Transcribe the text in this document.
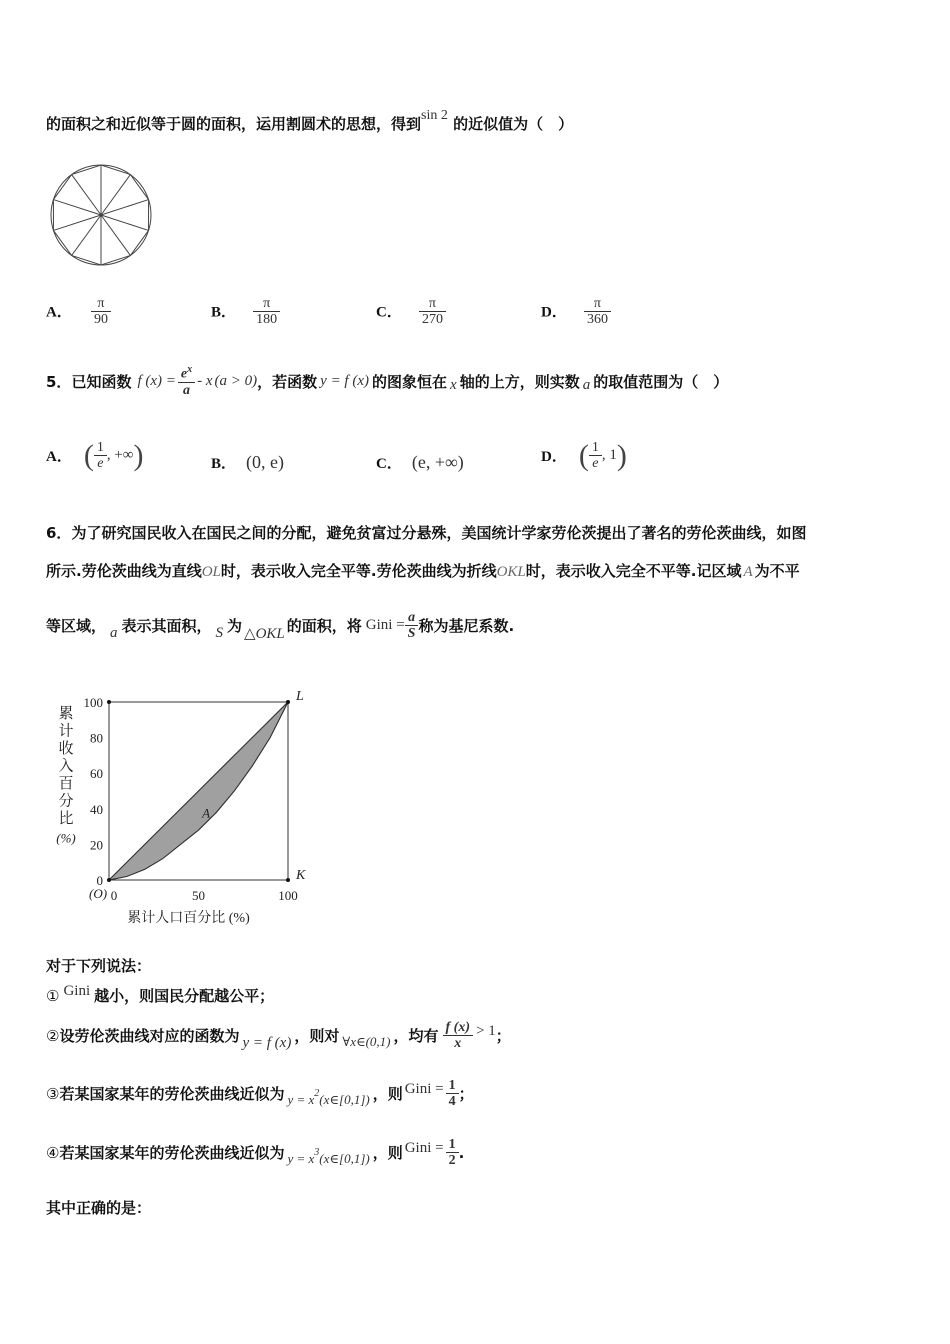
的面积之和近似等于圆的面积，运用割圆术的思想，得到sin 2 的近似值为（　）
A． $\frac{\pi}{90}$	B． $\frac{\pi}{180}$	C． $\frac{\pi}{270}$	D． $\frac{\pi}{360}$
5． 已知函数 f $(x) = \frac{e^x}{a} - x$ (a > 0) ，若函数 y = f (x) 的图象恒在 x 轴的上方，则实数 a 的取值范围为（　）
A． ( $\frac{1}{e}$ , +∞ )	B． (0, e)	C． (e, +∞)	D． ( $\frac{1}{e}$ , 1 )
6．为了研究国民收入在国民之间的分配，避免贫富过分悬殊，美国统计学家劳伦茨提出了著名的劳伦茨曲线，如图
所示.劳伦茨曲线为直线OL时，表示收入完全平等.劳伦茨曲线为折线OKL时，表示收入完全不平等.记区域 A 为不平
等区域， a 表示其面积， S 为 △OKL 的面积，将 Gini = $\frac{a}{S}$ 称为基尼系数.
累
计
收
入
百
分
比
(%)
0
20
40
60
80
100
0	50	100
L
K
A
(O)
累计人口百分比 (%)
对于下列说法：
① Gini 越小，则国民分配越公平；
② 设劳伦茨曲线对应的函数为 y = f (x) ，则对 ∀x∈(0,1) ，均有 $\frac{f (x)}{x} > 1$ ；
③ 若某国家某年的劳伦茨曲线近似为 y = x 2 (x∈[0,1]) ，则 Gini = $\frac{1}{4}$ ；
④ 若某国家某年的劳伦茨曲线近似为 y = x 3 (x∈[0,1]) ，则 Gini = $\frac{1}{2}$ .
其中正确的是：
